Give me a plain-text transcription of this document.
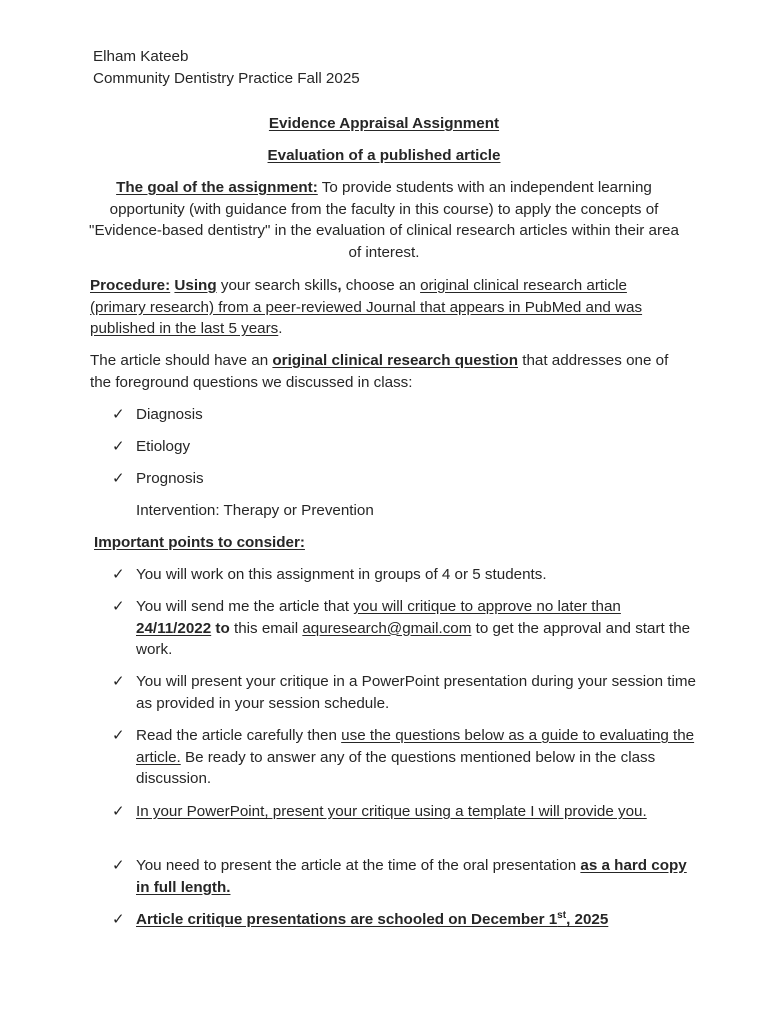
Elham Kateeb
Community Dentistry Practice Fall 2025
Evidence Appraisal Assignment
Evaluation of a published article
The goal of the assignment: To provide students with an independent learning opportunity (with guidance from the faculty in this course) to apply the concepts of "Evidence-based dentistry" in the evaluation of clinical research articles within their area of interest.
Procedure: Using your search skills, choose an original clinical research article (primary research) from a peer-reviewed Journal that appears in PubMed and was published in the last 5 years.
The article should have an original clinical research question that addresses one of the foreground questions we discussed in class:
✓ Diagnosis
✓ Etiology
✓ Prognosis
Intervention: Therapy or Prevention
Important points to consider:
✓ You will work on this assignment in groups of 4 or 5 students.
✓ You will send me the article that you will critique to approve no later than 24/11/2022 to this email aquresearch@gmail.com to get the approval and start the work.
✓ You will present your critique in a PowerPoint presentation during your session time as provided in your session schedule.
✓ Read the article carefully then use the questions below as a guide to evaluating the article. Be ready to answer any of the questions mentioned below in the class discussion.
✓ In your PowerPoint, present your critique using a template I will provide you.
✓ You need to present the article at the time of the oral presentation as a hard copy in full length.
✓ Article critique presentations are schooled on December 1st, 2025
